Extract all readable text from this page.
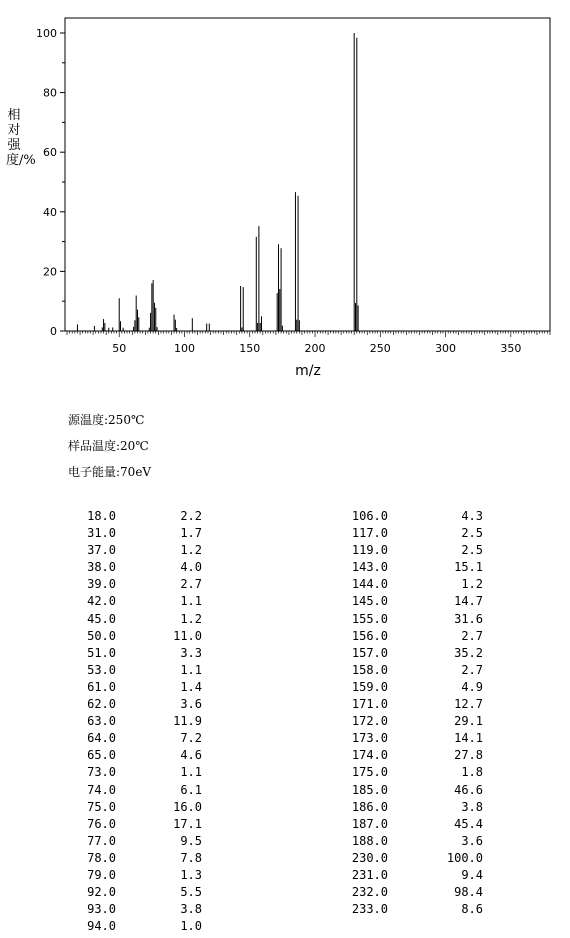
0
20
40
60
80
100
50	100	150	200	250	300	350
m/z
相对强度/%
源温度:250℃
样品温度:20℃
电子能量:70eV
18.0	2.2
31.0	1.7
37.0	1.2
38.0	4.0
39.0	2.7
42.0	1.1
45.0	1.2
50.0	11.0
51.0	3.3
53.0	1.1
61.0	1.4
62.0	3.6
63.0	11.9
64.0	7.2
65.0	4.6
73.0	1.1
74.0	6.1
75.0	16.0
76.0	17.1
77.0	9.5
78.0	7.8
79.0	1.3
92.0	5.5
93.0	3.8
94.0	1.0
106.0	4.3
117.0	2.5
119.0	2.5
143.0	15.1
144.0	1.2
145.0	14.7
155.0	31.6
156.0	2.7
157.0	35.2
158.0	2.7
159.0	4.9
171.0	12.7
172.0	29.1
173.0	14.1
174.0	27.8
175.0	1.8
185.0	46.6
186.0	3.8
187.0	45.4
188.0	3.6
230.0	100.0
231.0	9.4
232.0	98.4
233.0	8.6
